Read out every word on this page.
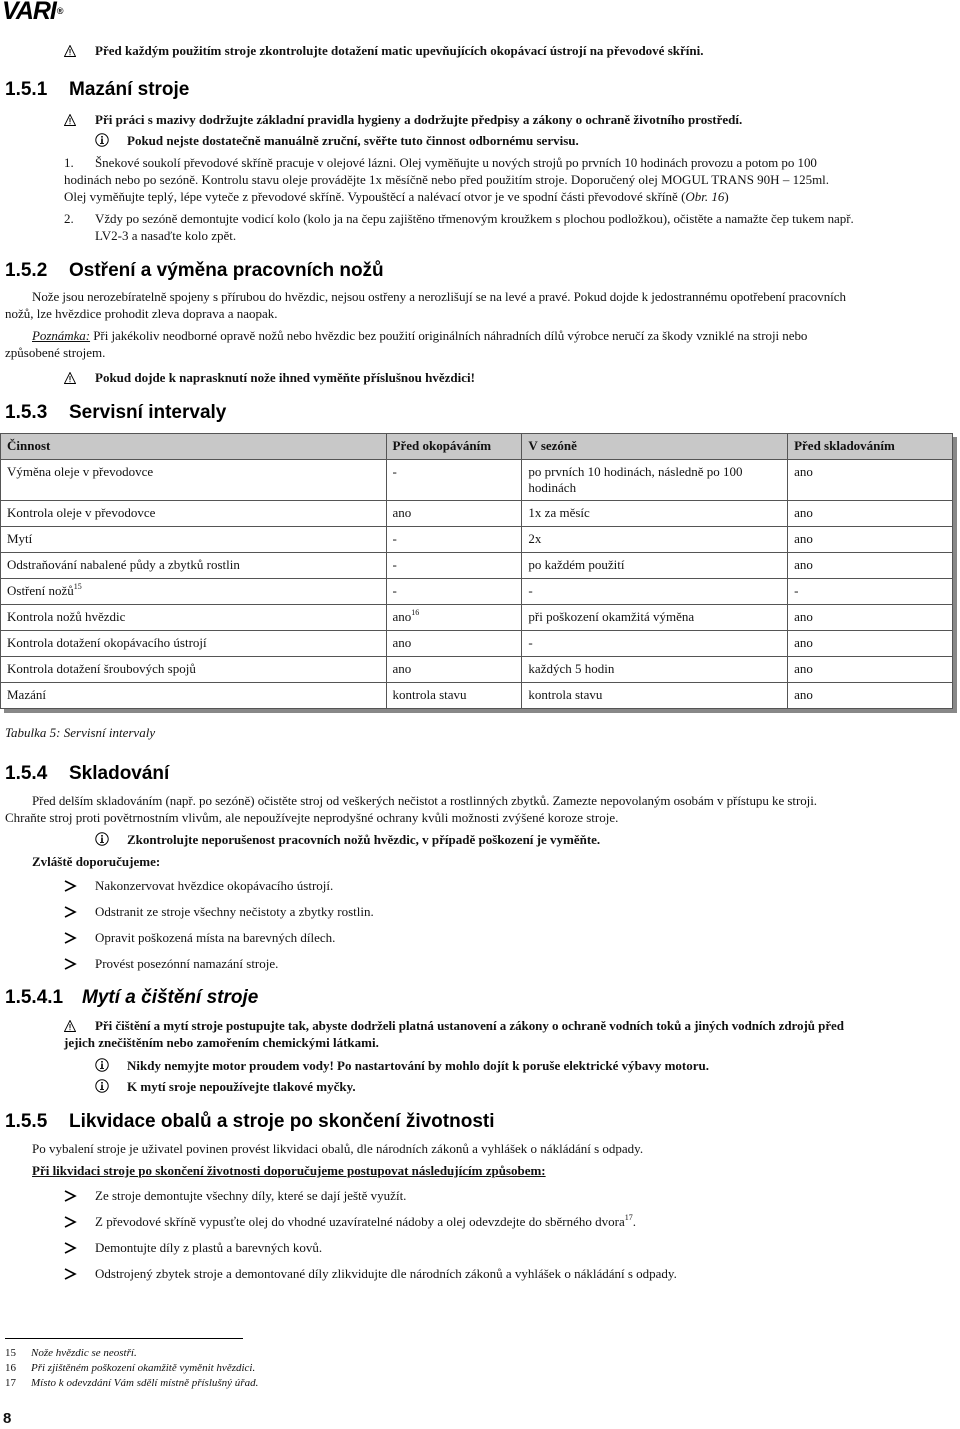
VARI®
Před každým použitím stroje zkontrolujte dotažení matic upevňujících okopávací ústrojí na převodové skříni.
1.5.1 Mazání stroje
Při práci s mazivy dodržujte základní pravidla hygieny a dodržujte předpisy a zákony o ochraně životního prostředí.
Pokud nejste dostatečně manuálně zruční, svěřte tuto činnost odbornému servisu.
1. Šnekové soukolí převodové skříně pracuje v olejové lázni. Olej vyměňujte u nových strojů po prvních 10 hodinách provozu a potom po 100
hodinách nebo po sezóně. Kontrolu stavu oleje provádějte 1x měsíčně nebo před použitím stroje. Doporučený olej MOGUL TRANS 90H – 125ml.
Olej vyměňujte teplý, lépe vyteče z převodové skříně. Vypouštěcí a nalévací otvor je ve spodní části převodové skříně (Obr. 16)
2. Vždy po sezóně demontujte vodicí kolo (kolo ja na čepu zajištěno třmenovým kroužkem s plochou podložkou), očistěte a namažte čep tukem např.
LV2-3 a nasaďte kolo zpět.
1.5.2 Ostření a výměna pracovních nožů
Nože jsou nerozebíratelně spojeny s přírubou do hvězdic, nejsou ostřeny a nerozlišují se na levé a pravé. Pokud dojde k jedostrannému opotřebení pracovních
nožů, lze hvězdice prohodit zleva doprava a naopak.
Poznámka: Při jakékoliv neodborné opravě nožů nebo hvězdic bez použití originálních náhradních dílů výrobce neručí za škody vzniklé na stroji nebo
způsobené strojem.
Pokud dojde k naprasknutí nože ihned vyměňte příslušnou hvězdici!
1.5.3 Servisní intervaly
Činnost	Před okopáváním	V sezóně	Před skladováním
Výměna oleje v převodovce	-	po prvních 10 hodinách, následně po 100 hodinách	ano
Kontrola oleje v převodovce	ano	1x za měsíc	ano
Mytí	-	2x	ano
Odstraňování nabalené půdy a zbytků rostlin	-	po každém použití	ano
Ostření nožů$^{15}$	-	-	-
Kontrola nožů hvězdic	ano$^{16}$	při poškození okamžitá výměna	ano
Kontrola dotažení okopávacího ústrojí	ano	-	ano
Kontrola dotažení šroubových spojů	ano	každých 5 hodin	ano
Mazání	kontrola stavu	kontrola stavu	ano
Tabulka 5: Servisní intervaly
1.5.4 Skladování
Před delším skladováním (např. po sezóně) očistěte stroj od veškerých nečistot a rostlinných zbytků. Zamezte nepovolaným osobám v přístupu ke stroji.
Chraňte stroj proti povětrnostním vlivům, ale nepoužívejte neprodyšné ochrany kvůli možnosti zvýšené koroze stroje.
Zkontrolujte neporušenost pracovních nožů hvězdic, v případě poškození je vyměňte.
Zvláště doporučujeme:
Nakonzervovat hvězdice okopávacího ústrojí.
Odstranit ze stroje všechny nečistoty a zbytky rostlin.
Opravit poškozená místa na barevných dílech.
Provést posezónní namazání stroje.
1.5.4.1 Mytí a čištění stroje
Při čištění a mytí stroje postupujte tak, abyste dodrželi platná ustanovení a zákony o ochraně vodních toků a jiných vodních zdrojů před
jejich znečištěním nebo zamořením chemickými látkami.
Nikdy nemyjte motor proudem vody! Po nastartování by mohlo dojít k poruše elektrické výbavy motoru.
K mytí sroje nepoužívejte tlakové myčky.
1.5.5 Likvidace obalů a stroje po skončení životnosti
Po vybalení stroje je uživatel povinen provést likvidaci obalů, dle národních zákonů a vyhlášek o nákládání s odpady.
Při likvidaci stroje po skončení životnosti doporučujeme postupovat následujícím způsobem:
Ze stroje demontujte všechny díly, které se dají ještě využít.
Z převodové skříně vypusťte olej do vhodné uzavíratelné nádoby a olej odevzdejte do sběrného dvora$^{17}$.
Demontujte díly z plastů a barevných kovů.
Odstrojený zbytek stroje a demontované díly zlikvidujte dle národních zákonů a vyhlášek o nákládání s odpady.
15 Nože hvězdic se neostří.
16 Při zjištěném poškození okamžitě vyměnit hvězdici.
17 Místo k odevzdání Vám sdělí místně příslušný úřad.
8
